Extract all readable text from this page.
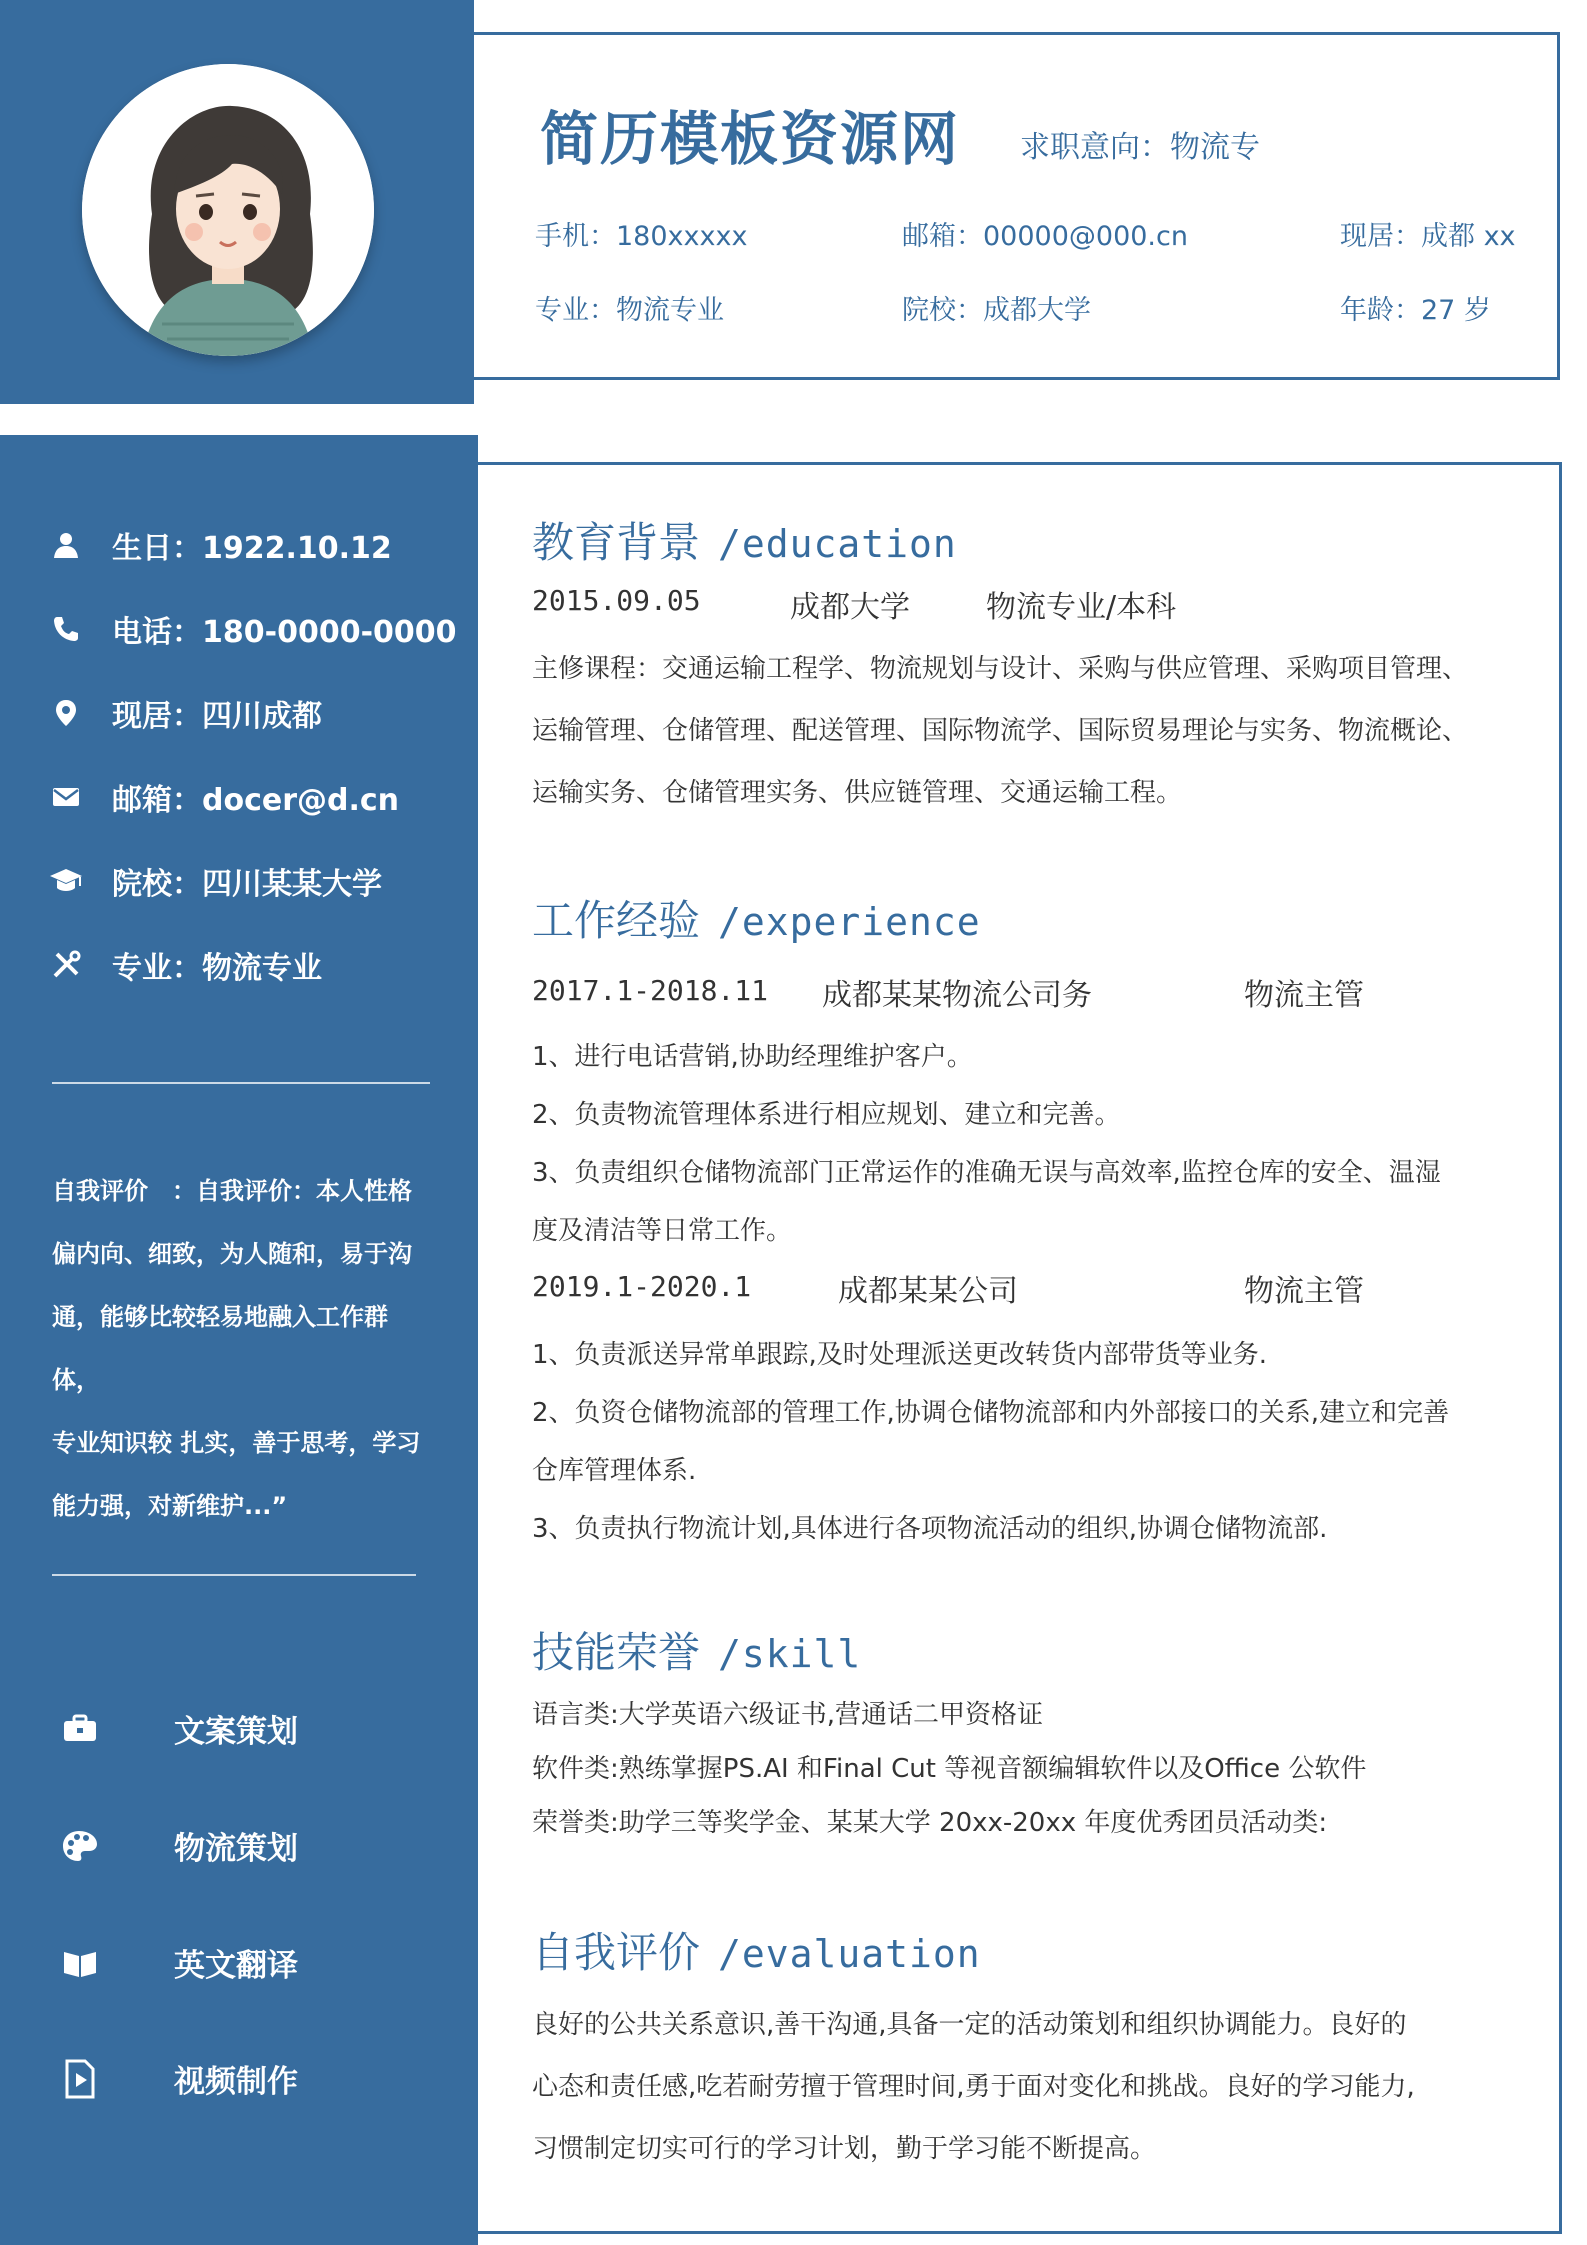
简历模板资源网 求职意向：物流专
手机：180xxxxx	邮箱：00000@000.cn	现居：成都 xx
专业：物流专业	院校：成都大学	年龄：27 岁
生日：1922.10.12
电话：180-0000-0000
现居：四川成都
邮箱：docer@d.cn
院校：四川某某大学
专业：物流专业
自我评价　：自我评价：本人性格
偏内向、细致，为人随和，易于沟
通，能够比较轻易地融入工作群体，
专业知识较 扎实，善于思考，学习
能力强，对新维护...”
文案策划
物流策划
英文翻译
视频制作
教育背景 /education
2015.09.05	成都大学	物流专业/本科
主修课程：交通运输工程学、物流规划与设计、采购与供应管理、采购项目管理、
运输管理、仓储管理、配送管理、国际物流学、国际贸易理论与实务、物流概论、
运输实务、仓储管理实务、供应链管理、交通运输工程。
工作经验 /experience
2017.1-2018.11 成都某某物流公司务	物流主管
1、进行电话营销,协助经理维护客户。
2、负责物流管理体系进行相应规划、建立和完善。
3、负责组织仓储物流部门正常运作的准确无误与高效率,监控仓库的安全、温湿
度及清洁等日常工作。
2019.1-2020.1	成都某某公司	物流主管
1、负责派送异常单跟踪,及时处理派送更改转货内部带货等业务.
2、负资仓储物流部的管理工作,协调仓储物流部和内外部接口的关系,建立和完善
仓库管理体系.
3、负责执行物流计划,具体进行各项物流活动的组织,协调仓储物流部.
技能荣誉 /skill
语言类:大学英语六级证书,营通话二甲资格证
软件类:熟练掌握PS.AI 和Final Cut 等视音额编辑软件以及Office 公软件
荣誉类:助学三等奖学金、某某大学 20xx-20xx 年度优秀团员活动类:
自我评价 /evaluation
良好的公共关系意识,善干沟通,具备一定的活动策划和组织协调能力。良好的
心态和责任感,吃若耐劳擅于管理时间,勇于面对变化和挑战。良好的学习能力,
习惯制定切实可行的学习计划，勤于学习能不断提高。
